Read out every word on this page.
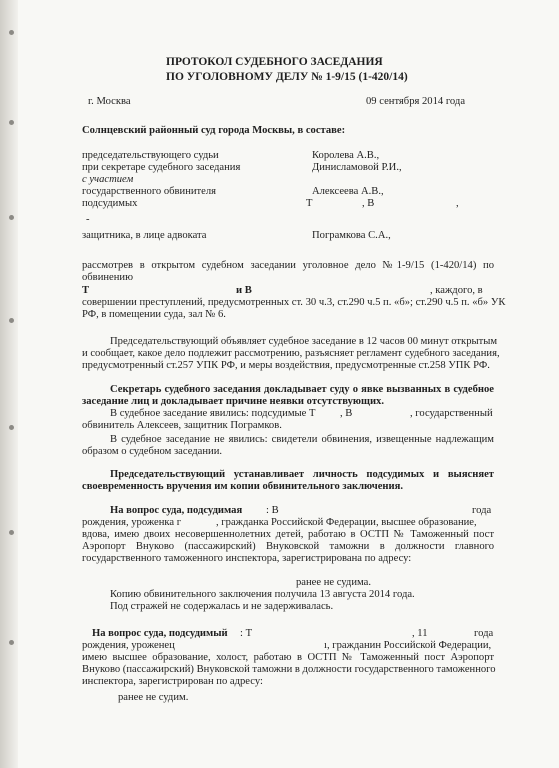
ПРОТОКОЛ СУДЕБНОГО ЗАСЕДАНИЯ
ПО УГОЛОВНОМУ ДЕЛУ № 1-9/15 (1-420/14)
г. Москва	09 сентября 2014 года
Солнцевский районный суд города Москвы, в составе:
председательствующего судьи	Королева А.В.,
при секретаре судебного заседания	Динисламовой Р.И.,
с участием
государственного обвинителя	Алексеева А.В.,
подсудимых	Т	, В	,
-
защитника, в лице адвоката	Пограмкова С.А.,
рассмотрев в открытом судебном заседании уголовное дело №1-9/15 (1-420/14) по
обвинению
Т	и В	, каждого, в
совершении преступлений, предусмотренных ст. 30 ч.3, ст.290 ч.5 п. «б»; ст.290 ч.5 п. «б» УК
РФ, в помещении суда, зал № 6.
Председательствующий объявляет судебное заседание в 12 часов 00 минут открытым
и сообщает, какое дело подлежит рассмотрению, разъясняет регламент судебного заседания,
предусмотренный ст.257 УПК РФ, и меры воздействия, предусмотренные ст.258 УПК РФ.
Секретарь судебного заседания докладывает суду о явке вызванных в судебное
заседание лиц и докладывает причине неявки отсутствующих.
В судебное заседание явились: подсудимые Т , В	, государственный
обвинитель Алексеев, защитник Пограмков.
В судебное заседание не явились: свидетели обвинения, извещенные надлежащим
образом о судебном заседании.
Председательствующий устанавливает личность подсудимых и выясняет
своевременность вручения им копии обвинительного заключения.
На вопрос суда, подсудимая : В	года
рождения, уроженка г	, гражданка Российской Федерации, высшее образование,
вдова, имею двоих несовершеннолетних детей, работаю в ОСТП № Таможенный пост
Аэропорт Внуково (пассажирский) Внуковской таможни в должности главного
государственного таможенного инспектора, зарегистрирована по адресу:
ранее не судима.
Копию обвинительного заключения получила 13 августа 2014 года.
Под стражей не содержалась и не задерживалась.
На вопрос суда, подсудимый : Т	, 11	года
рождения, уроженец	ı, гражданин Российской Федерации,
имею высшее образование, холост, работаю в ОСТП № Таможенный пост Аэропорт
Внуково (пассажирский) Внуковской таможни в должности государственного таможенного
инспектора, зарегистрирован по адресу:
ранее не судим.
